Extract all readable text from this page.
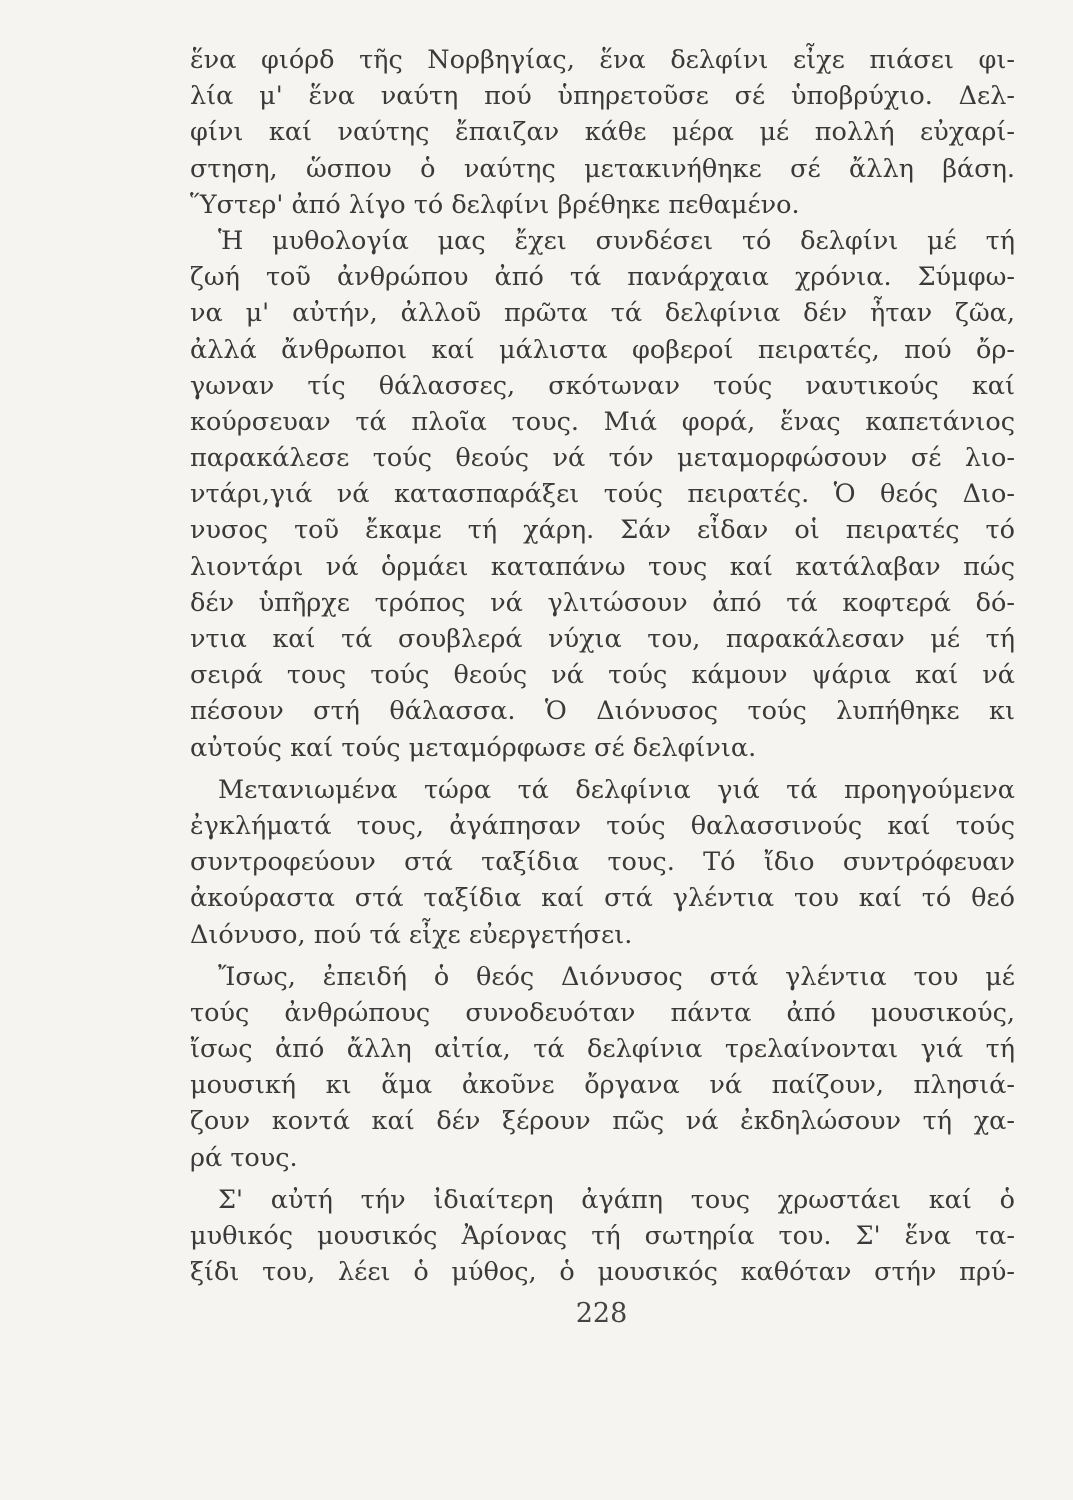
ἕνα φιόρδ τῆς Νορβηγίας, ἕνα δελφίνι εἶχε πιάσει φι-
λία μ' ἕνα ναύτη πού ὑπηρετοῦσε σέ ὑποβρύχιο. Δελ-
φίνι καί ναύτης ἔπαιζαν κάθε μέρα μέ πολλή εὐχαρί-
στηση, ὥσπου ὁ ναύτης μετακινήθηκε σέ ἄλλη βάση.
Ὕστερ' ἀπό λίγο τό δελφίνι βρέθηκε πεθαμένο.
Ἡ μυθολογία μας ἔχει συνδέσει τό δελφίνι μέ τή
ζωή τοῦ ἀνθρώπου ἀπό τά πανάρχαια χρόνια. Σύμφω-
να μ' αὐτήν, ἀλλοῦ πρῶτα τά δελφίνια δέν ἦταν ζῶα,
ἀλλά ἄνθρωποι καί μάλιστα φοβεροί πειρατές, πού ὄρ-
γωναν τίς θάλασσες, σκότωναν τούς ναυτικούς καί
κούρσευαν τά πλοῖα τους. Μιά φορά, ἕνας καπετάνιος
παρακάλεσε τούς θεούς νά τόν μεταμορφώσουν σέ λιο-
ντάρι,γιά νά κατασπαράξει τούς πειρατές. Ὁ θεός Διο-
νυσος τοῦ ἔκαμε τή χάρη. Σάν εἶδαν οἱ πειρατές τό
λιοντάρι νά ὁρμάει καταπάνω τους καί κατάλαβαν πώς
δέν ὑπῆρχε τρόπος νά γλιτώσουν ἀπό τά κοφτερά δό-
ντια καί τά σουβλερά νύχια του, παρακάλεσαν μέ τή
σειρά τους τούς θεούς νά τούς κάμουν ψάρια καί νά
πέσουν στή θάλασσα. Ὁ Διόνυσος τούς λυπήθηκε κι
αὐτούς καί τούς μεταμόρφωσε σέ δελφίνια.
Μετανιωμένα τώρα τά δελφίνια γιά τά προηγούμενα
ἐγκλήματά τους, ἀγάπησαν τούς θαλασσινούς καί τούς
συντροφεύουν στά ταξίδια τους. Τό ἴδιο συντρόφευαν
ἀκούραστα στά ταξίδια καί στά γλέντια του καί τό θεό
Διόνυσο, πού τά εἶχε εὐεργετήσει.
Ἴσως, ἐπειδή ὁ θεός Διόνυσος στά γλέντια του μέ
τούς ἀνθρώπους συνοδευόταν πάντα ἀπό μουσικούς,
ἴσως ἀπό ἄλλη αἰτία, τά δελφίνια τρελαίνονται γιά τή
μουσική κι ἅμα ἀκοῦνε ὄργανα νά παίζουν, πλησιά-
ζουν κοντά καί δέν ξέρουν πῶς νά ἐκδηλώσουν τή χα-
ρά τους.
Σ' αὐτή τήν ἰδιαίτερη ἀγάπη τους χρωστάει καί ὁ
μυθικός μουσικός Ἀρίονας τή σωτηρία του. Σ' ἕνα τα-
ξίδι του, λέει ὁ μύθος, ὁ μουσικός καθόταν στήν πρύ-
228
